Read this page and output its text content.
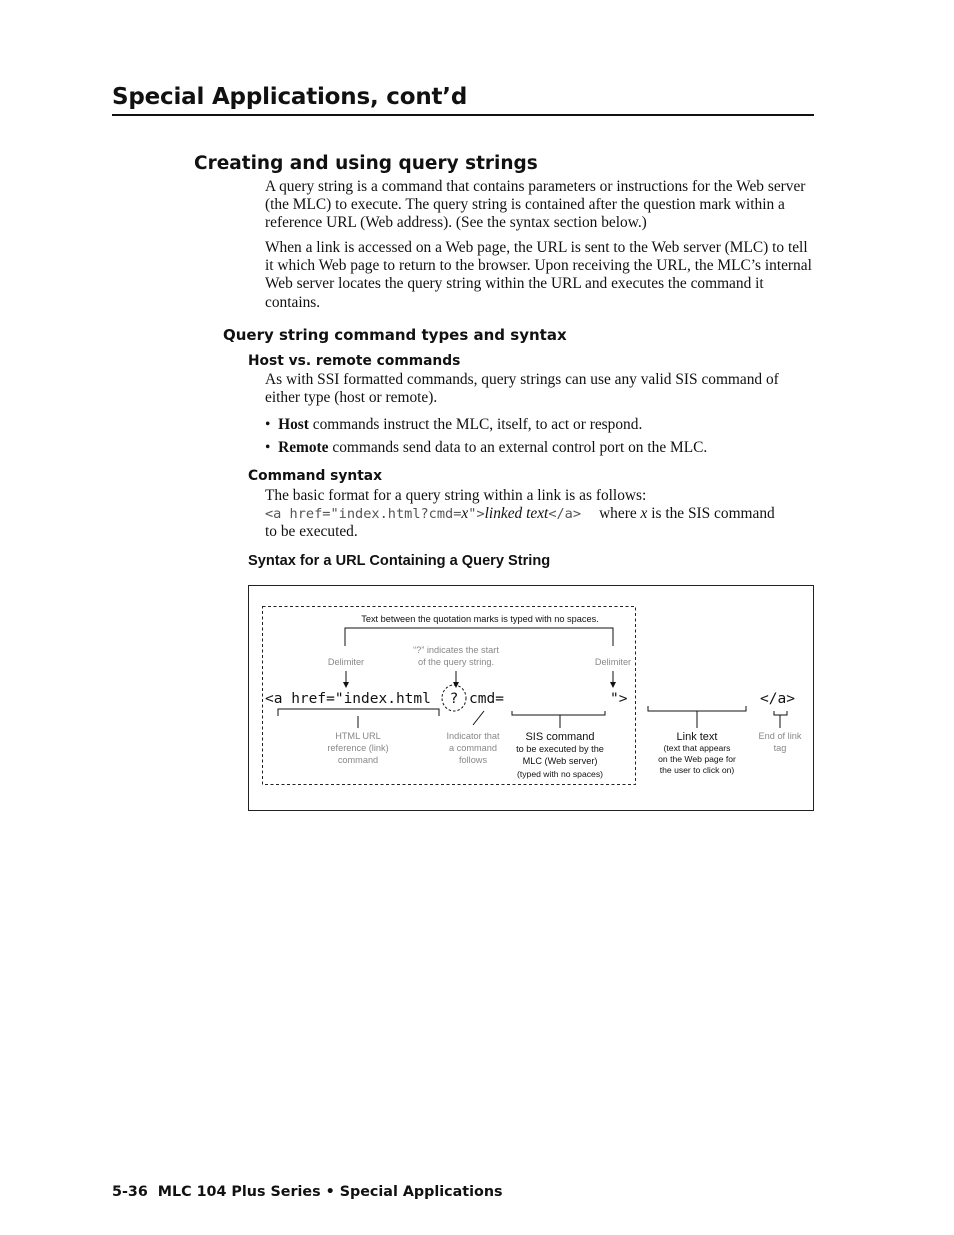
Special Applications, cont’d
Creating and using query strings
A query string is a command that contains parameters or instructions for the Web server (the MLC) to execute. The query string is contained after the question mark within a reference URL (Web address). (See the syntax section below.)
When a link is accessed on a Web page, the URL is sent to the Web server (MLC) to tell it which Web page to return to the browser. Upon receiving the URL, the MLC’s internal Web server locates the query string within the URL and executes the command it contains.
Query string command types and syntax
Host vs. remote commands
As with SSI formatted commands, query strings can use any valid SIS command of either type (host or remote).
•  Host commands instruct the MLC, itself, to act or respond.
•  Remote commands send data to an external control port on the MLC.
Command syntax
The basic format for a query string within a link is as follows:
<a href="index.html?cmd=x">linked text</a> where x is the SIS command
to be executed.
Syntax for a URL Containing a Query String
Text between the quotation marks is typed with no spaces.
Delimiter	Delimiter
“?” indicates the start
of the query string.
HTML URL
reference (link)
command
Indicator that
a command
follows
SIS command
to be executed by the
MLC (Web server)
(typed with no spaces)
Link text
(text that appears
on the Web page for
the user to click on)
End of link
tag
<a href="index.html ? cmd=	">	</a>
5-36 MLC 104 Plus Series • Special Applications
